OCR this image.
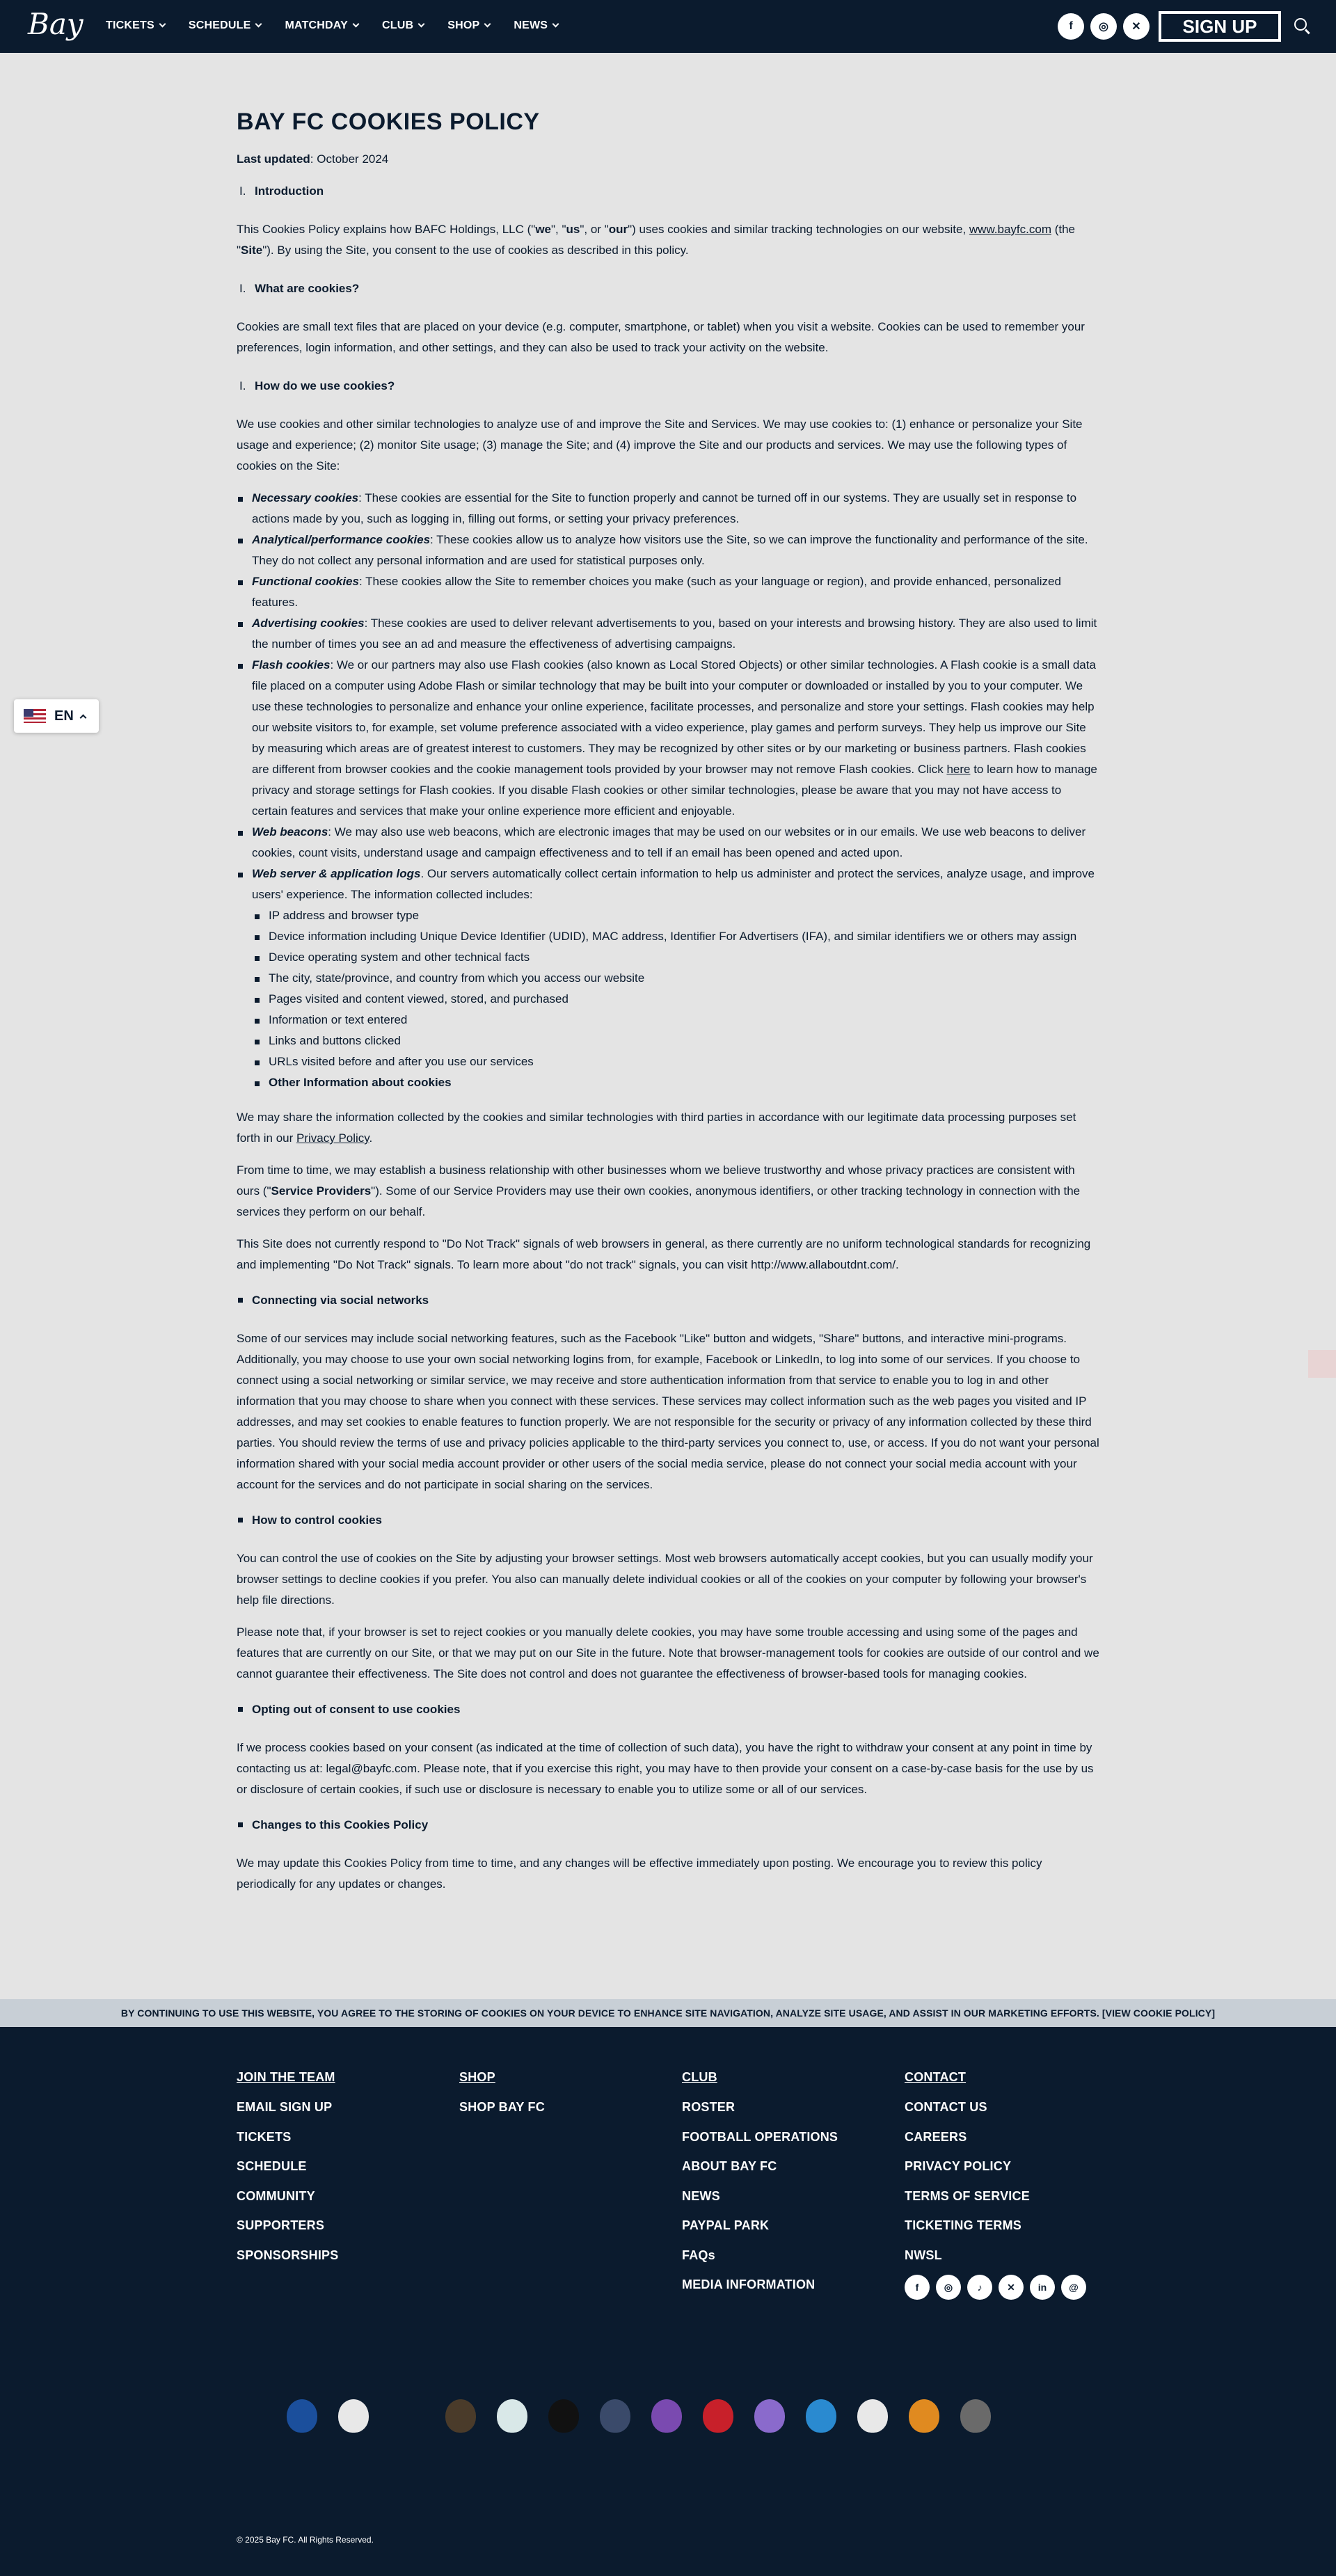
Bay TICKETS	SCHEDULE	MATCHDAY	CLUB	SHOP	NEWS	f	◎	✕	SIGN UP
BAY FC COOKIES POLICY
Last updated: October 2024
I. Introduction

This Cookies Policy explains how BAFC Holdings, LLC ("we", "us", or "our") uses cookies and similar tracking technologies on our website, www.bayfc.com (the "Site"). By using the Site, you consent to the use of cookies as described in this policy.

I. What are cookies?

Cookies are small text files that are placed on your device (e.g. computer, smartphone, or tablet) when you visit a website. Cookies can be used to remember your preferences, login information, and other settings, and they can also be used to track your activity on the website.

I. How do we use cookies?

We use cookies and other similar technologies to analyze use of and improve the Site and Services. We may use cookies to: (1) enhance or personalize your Site usage and experience; (2) monitor Site usage; (3) manage the Site; and (4) improve the Site and our products and services. We may use the following types of cookies on the Site:

Necessary cookies: These cookies are essential for the Site to function properly and cannot be turned off in our systems. They are usually set in response to actions made by you, such as logging in, filling out forms, or setting your privacy preferences.
Analytical/performance cookies: These cookies allow us to analyze how visitors use the Site, so we can improve the functionality and performance of the site. They do not collect any personal information and are used for statistical purposes only.
Functional cookies: These cookies allow the Site to remember choices you make (such as your language or region), and provide enhanced, personalized features.
Advertising cookies: These cookies are used to deliver relevant advertisements to you, based on your interests and browsing history. They are also used to limit the number of times you see an ad and measure the effectiveness of advertising campaigns.
Flash cookies: We or our partners may also use Flash cookies (also known as Local Stored Objects) or other similar technologies. A Flash cookie is a small data file placed on a computer using Adobe Flash or similar technology that may be built into your computer or downloaded or installed by you to your computer. We use these technologies to personalize and enhance your online experience, facilitate processes, and personalize and store your settings. Flash cookies may help our website visitors to, for example, set volume preference associated with a video experience, play games and perform surveys. They help us improve our Site by measuring which areas are of greatest interest to customers. They may be recognized by other sites or by our marketing or business partners. Flash cookies are different from browser cookies and the cookie management tools provided by your browser may not remove Flash cookies. Click here to learn how to manage privacy and storage settings for Flash cookies. If you disable Flash cookies or other similar technologies, please be aware that you may not have access to certain features and services that make your online experience more efficient and enjoyable.
Web beacons: We may also use web beacons, which are electronic images that may be used on our websites or in our emails. We use web beacons to deliver cookies, count visits, understand usage and campaign effectiveness and to tell if an email has been opened and acted upon.
Web server & application logs. Our servers automatically collect certain information to help us administer and protect the services, analyze usage, and improve users' experience. The information collected includes:
IP address and browser type
Device information including Unique Device Identifier (UDID), MAC address, Identifier For Advertisers (IFA), and similar identifiers we or others may assign
Device operating system and other technical facts
The city, state/province, and country from which you access our website
Pages visited and content viewed, stored, and purchased
Information or text entered
Links and buttons clicked
URLs visited before and after you use our services
Other Information about cookies

We may share the information collected by the cookies and similar technologies with third parties in accordance with our legitimate data processing purposes set forth in our Privacy Policy.

From time to time, we may establish a business relationship with other businesses whom we believe trustworthy and whose privacy practices are consistent with ours ("Service Providers"). Some of our Service Providers may use their own cookies, anonymous identifiers, or other tracking technology in connection with the services they perform on our behalf.

This Site does not currently respond to "Do Not Track" signals of web browsers in general, as there currently are no uniform technological standards for recognizing and implementing "Do Not Track" signals. To learn more about "do not track" signals, you can visit http://www.allaboutdnt.com/.

Connecting via social networks

Some of our services may include social networking features, such as the Facebook "Like" button and widgets, "Share" buttons, and interactive mini-programs. Additionally, you may choose to use your own social networking logins from, for example, Facebook or LinkedIn, to log into some of our services. If you choose to connect using a social networking or similar service, we may receive and store authentication information from that service to enable you to log in and other information that you may choose to share when you connect with these services. These services may collect information such as the web pages you visited and IP addresses, and may set cookies to enable features to function properly. We are not responsible for the security or privacy of any information collected by these third parties. You should review the terms of use and privacy policies applicable to the third-party services you connect to, use, or access. If you do not want your personal information shared with your social media account provider or other users of the social media service, please do not connect your social media account with your account for the services and do not participate in social sharing on the services.

How to control cookies

You can control the use of cookies on the Site by adjusting your browser settings. Most web browsers automatically accept cookies, but you can usually modify your browser settings to decline cookies if you prefer. You also can manually delete individual cookies or all of the cookies on your computer by following your browser's help file directions.

Please note that, if your browser is set to reject cookies or you manually delete cookies, you may have some trouble accessing and using some of the pages and features that are currently on our Site, or that we may put on our Site in the future. Note that browser-management tools for cookies are outside of our control and we cannot guarantee their effectiveness. The Site does not control and does not guarantee the effectiveness of browser-based tools for managing cookies.

Opting out of consent to use cookies

If we process cookies based on your consent (as indicated at the time of collection of such data), you have the right to withdraw your consent at any point in time by contacting us at: legal@bayfc.com. Please note, that if you exercise this right, you may have to then provide your consent on a case-by-case basis for the use by us or disclosure of certain cookies, if such use or disclosure is necessary to enable you to utilize some or all of our services.

Changes to this Cookies Policy

We may update this Cookies Policy from time to time, and any changes will be effective immediately upon posting. We encourage you to review this policy periodically for any updates or changes.

EN
BY CONTINUING TO USE THIS WEBSITE, YOU AGREE TO THE STORING OF COOKIES ON YOUR DEVICE TO ENHANCE SITE NAVIGATION, ANALYZE SITE USAGE, AND ASSIST IN OUR MARKETING EFFORTS. [VIEW COOKIE POLICY]
JOIN THE TEAM
EMAIL SIGN UP
TICKETS
SCHEDULE
COMMUNITY
SUPPORTERS
SPONSORSHIPS
SHOP
SHOP BAY FC
CLUB
ROSTER
FOOTBALL OPERATIONS
ABOUT BAY FC
NEWS
PAYPAL PARK
FAQs
MEDIA INFORMATION
CONTACT
CONTACT US
CAREERS
PRIVACY POLICY
TERMS OF SERVICE
TICKETING TERMS
NWSL
f	◎	♪	✕	in	@
© 2025 Bay FC. All Rights Reserved.
